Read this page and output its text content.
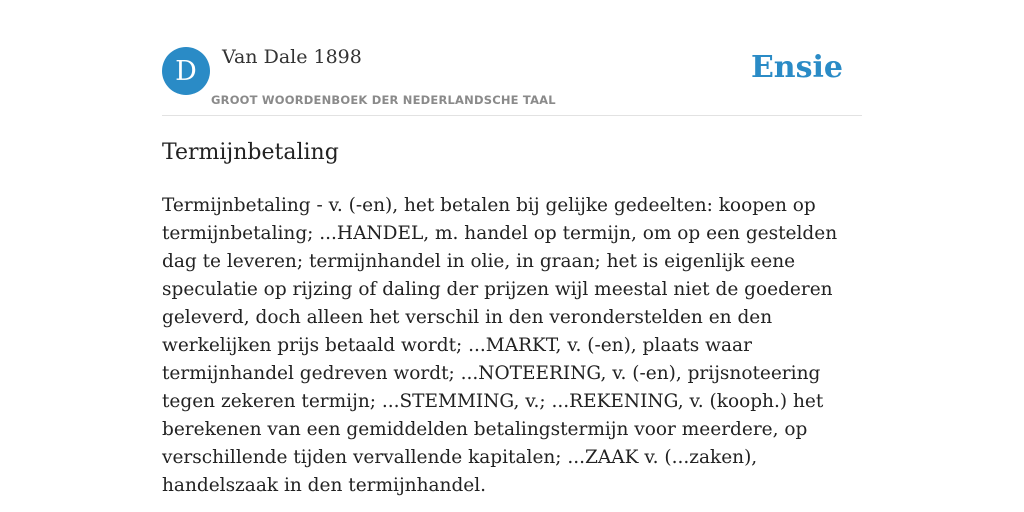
D Van Dale 1898
GROOT WOORDENBOEK DER NEDERLANDSCHE TAAL
Ensie
Termijnbetaling

Termijnbetaling - v. (-en), het betalen bij gelijke gedeelten: koopen op termijnbetaling; ...HANDEL, m. handel op termijn, om op een gestelden dag te leveren; termijnhandel in olie, in graan; het is eigenlijk eene speculatie op rijzing of daling der prijzen wijl meestal niet de goederen geleverd, doch alleen het verschil in den veronderstelden en den werkelijken prijs betaald wordt; ...MARKT, v. (-en), plaats waar termijnhandel gedreven wordt; ...NOTEERING, v. (-en), prijsnoteering tegen zekeren termijn; ...STEMMING, v.; ...REKENING, v. (kooph.) het berekenen van een gemiddelden betalingstermijn voor meerdere, op verschillende tijden vervallende kapitalen; ...ZAAK v. (...zaken), handelszaak in den termijnhandel.
